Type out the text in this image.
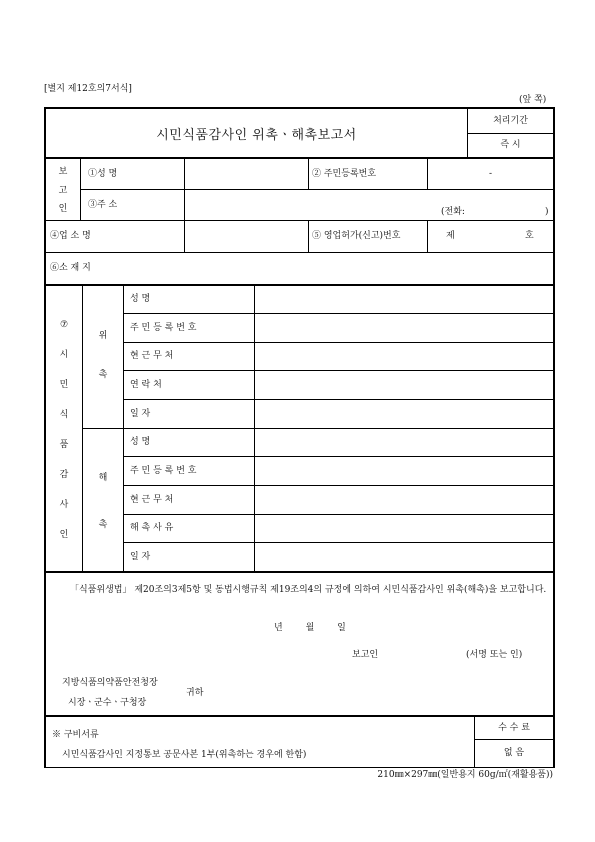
[별지 제12호의7서식]
(앞 쪽)
시민식품감사인 위촉ㆍ해촉보고서
처리기간
즉 시
보
고
인
①성 명	② 주민등록번호	-
③주 소
(전화:	)
④업 소 명	⑤ 영업허가(신고)번호	제	호
⑥소 재 지
⑦
시
민
식
품
감
사
인
위
촉
해
촉
성 명
주 민 등 록 번 호
현 근 무 처
연 락 처
일 자
성 명
주 민 등 록 번 호
현 근 무 처
해 촉 사 유
일 자
「식품위생법」 제20조의3제5항 및 동법시행규칙 제19조의4의 규정에 의하여 시민식품감사인 위촉(해촉)을 보고합니다.
년        월        일
보고인	(서명 또는 인)
지방식품의약품안전청장
시장ㆍ군수ㆍ구청장
귀하
※ 구비서류
시민식품감사인 지정통보 공문사본 1부(위촉하는 경우에 한함)
수 수 료
없 음
210㎜×297㎜(일반용지 60g/㎡(재활용품))
